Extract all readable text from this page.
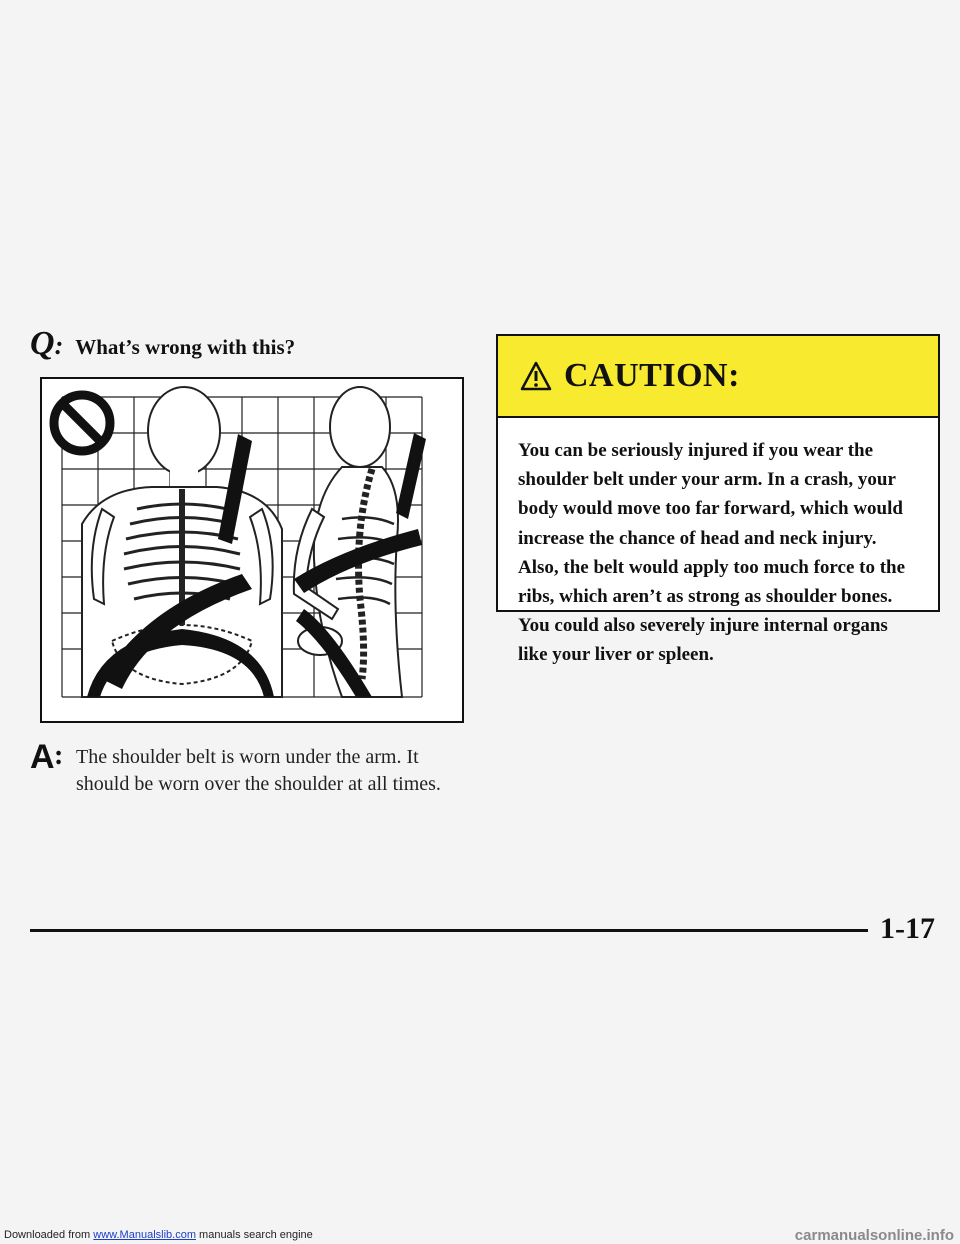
Q : What’s wrong with this?
A : The shoulder belt is worn under the arm. It should be worn over the shoulder at all times.
CAUTION:
You can be seriously injured if you wear the shoulder belt under your arm. In a crash, your body would move too far forward, which would increase the chance of head and neck injury. Also, the belt would apply too much force to the ribs, which aren’t as strong as shoulder bones. You could also severely injure internal organs like your liver or spleen.
1-17
Downloaded from www.Manualslib.com manuals search engine	carmanualsonline.info
